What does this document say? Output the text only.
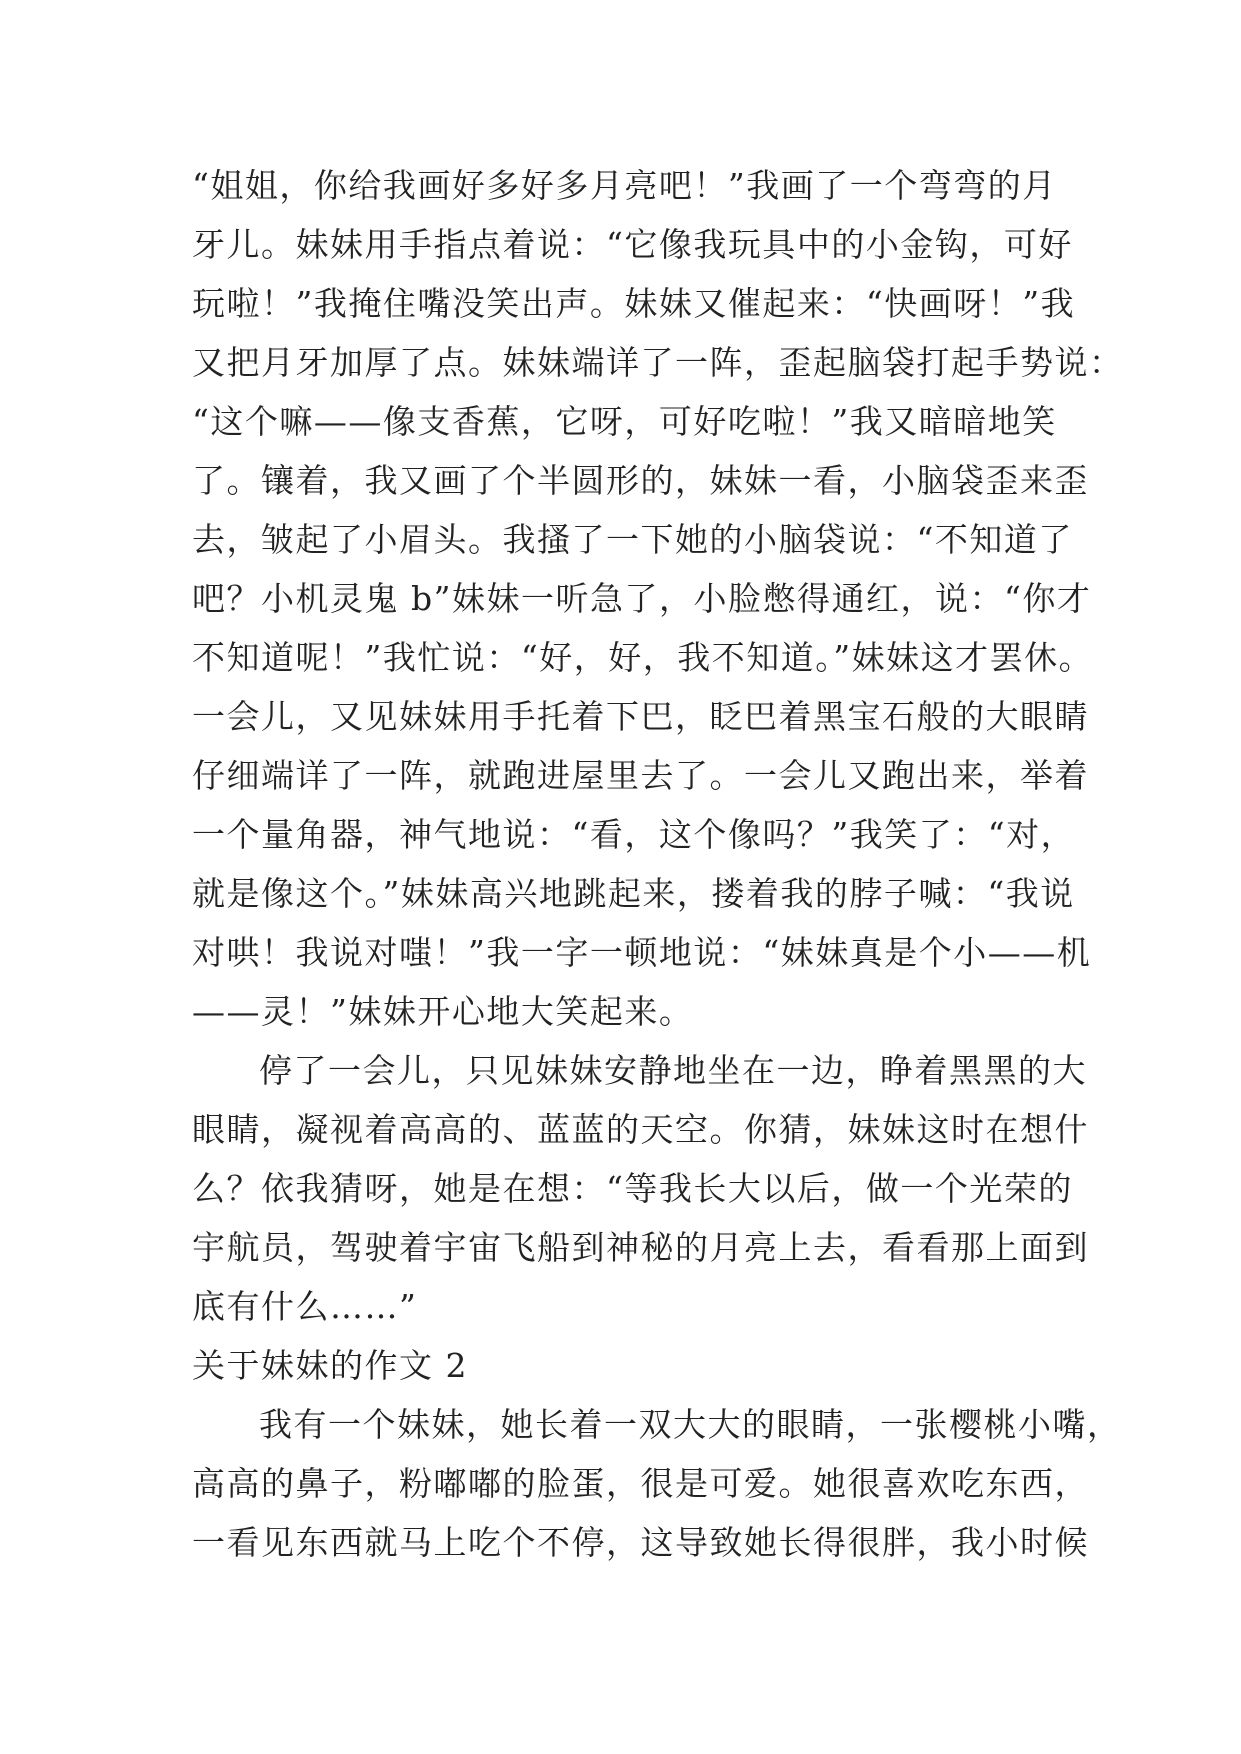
“姐姐，你给我画好多好多月亮吧！”我画了一个弯弯的月
牙儿。妹妹用手指点着说：“它像我玩具中的小金钩，可好
玩啦！”我掩住嘴没笑出声。妹妹又催起来：“快画呀！”我
又把月牙加厚了点。妹妹端详了一阵，歪起脑袋打起手势说：
“这个嘛——像支香蕉，它呀，可好吃啦！”我又暗暗地笑
了。镶着，我又画了个半圆形的，妹妹一看，小脑袋歪来歪
去，皱起了小眉头。我搔了一下她的小脑袋说：“不知道了
吧？小机灵鬼 b”妹妹一听急了，小脸憋得通红，说：“你才
不知道呢！”我忙说：“好，好，我不知道。”妹妹这才罢休。
一会儿，又见妹妹用手托着下巴，眨巴着黑宝石般的大眼睛
仔细端详了一阵，就跑进屋里去了。一会儿又跑出来，举着
一个量角器，神气地说：“看，这个像吗？”我笑了：“对，
就是像这个。”妹妹高兴地跳起来，搂着我的脖子喊：“我说
对哄！我说对嗤！”我一字一顿地说：“妹妹真是个小——机
——灵！”妹妹开心地大笑起来。
停了一会儿，只见妹妹安静地坐在一边，睁着黑黑的大
眼睛，凝视着高高的、蓝蓝的天空。你猜，妹妹这时在想什
么？依我猜呀，她是在想：“等我长大以后，做一个光荣的
宇航员，驾驶着宇宙飞船到神秘的月亮上去，看看那上面到
底有什么……”
关于妹妹的作文 2
我有一个妹妹，她长着一双大大的眼睛，一张樱桃小嘴，
高高的鼻子，粉嘟嘟的脸蛋，很是可爱。她很喜欢吃东西，
一看见东西就马上吃个不停，这导致她长得很胖，我小时候
